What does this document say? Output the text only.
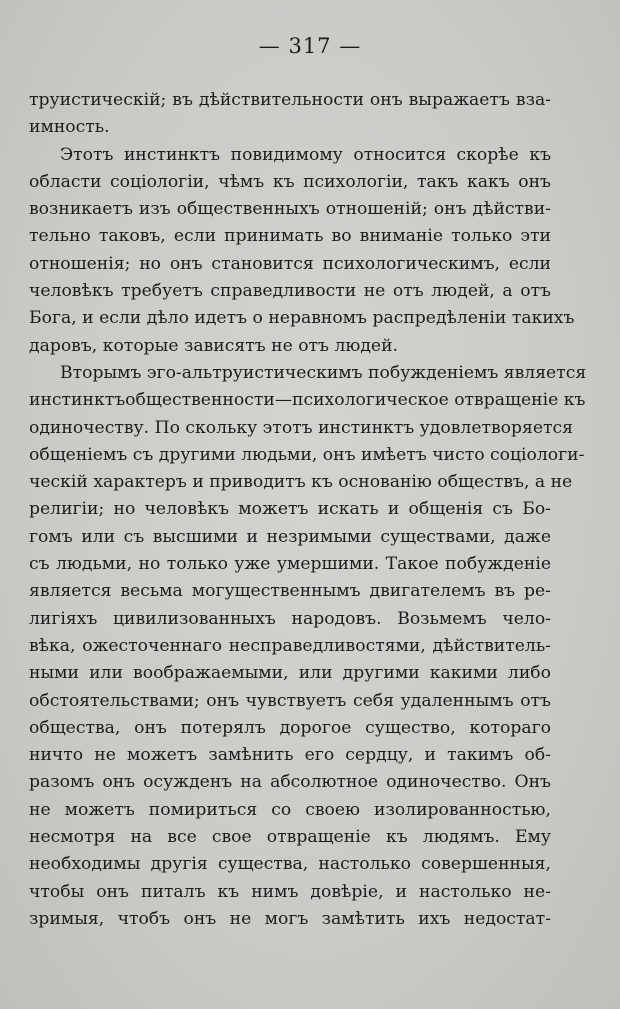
— 317 —
труистическій; въ дѣйствительности онъ выражаетъ вза-
имность.
Этотъ инстинктъ повидимому относится скорѣе къ
области соціологіи, чѣмъ къ психологіи, такъ какъ онъ
возникаетъ изъ общественныхъ отношеній; онъ дѣйстви-
тельно таковъ, если принимать во вниманіе только эти
отношенія; но онъ становится психологическимъ, если
человѣкъ требуетъ справедливости не отъ людей, а отъ
Бога, и если дѣло идетъ о неравномъ распредѣленіи такихъ
даровъ, которые зависятъ не отъ людей.
Вторымъ эго-альтруистическимъ побужденіемъ является
инстинктъобщественности—психологическое отвращеніе къ
одиночеству. По скольку этотъ инстинктъ удовлетворяется
общеніемъ съ другими людьми, онъ имѣетъ чисто соціологи-
ческій характеръ и приводитъ къ основанію обществъ, а не
религіи; но человѣкъ можетъ искать и общенія съ Бо-
гомъ или съ высшими и незримыми существами, даже
съ людьми, но только уже умершими. Такое побужденіе
является весьма могущественнымъ двигателемъ въ ре-
лигіяхъ цивилизованныхъ народовъ. Возьмемъ чело-
вѣка, ожесточеннаго несправедливостями, дѣйствитель-
ными или воображаемыми, или другими какими либо
обстоятельствами; онъ чувствуетъ себя удаленнымъ отъ
общества, онъ потерялъ дорогое существо, котораго
ничто не можетъ замѣнить его сердцу, и такимъ об-
разомъ онъ осужденъ на абсолютное одиночество. Онъ
не можетъ помириться со своею изолированностью,
несмотря на все свое отвращеніе къ людямъ. Ему
необходимы другія существа, настолько совершенныя,
чтобы онъ питалъ къ нимъ довѣріе, и настолько не-
зримыя, чтобъ онъ не могъ замѣтить ихъ недостат-
